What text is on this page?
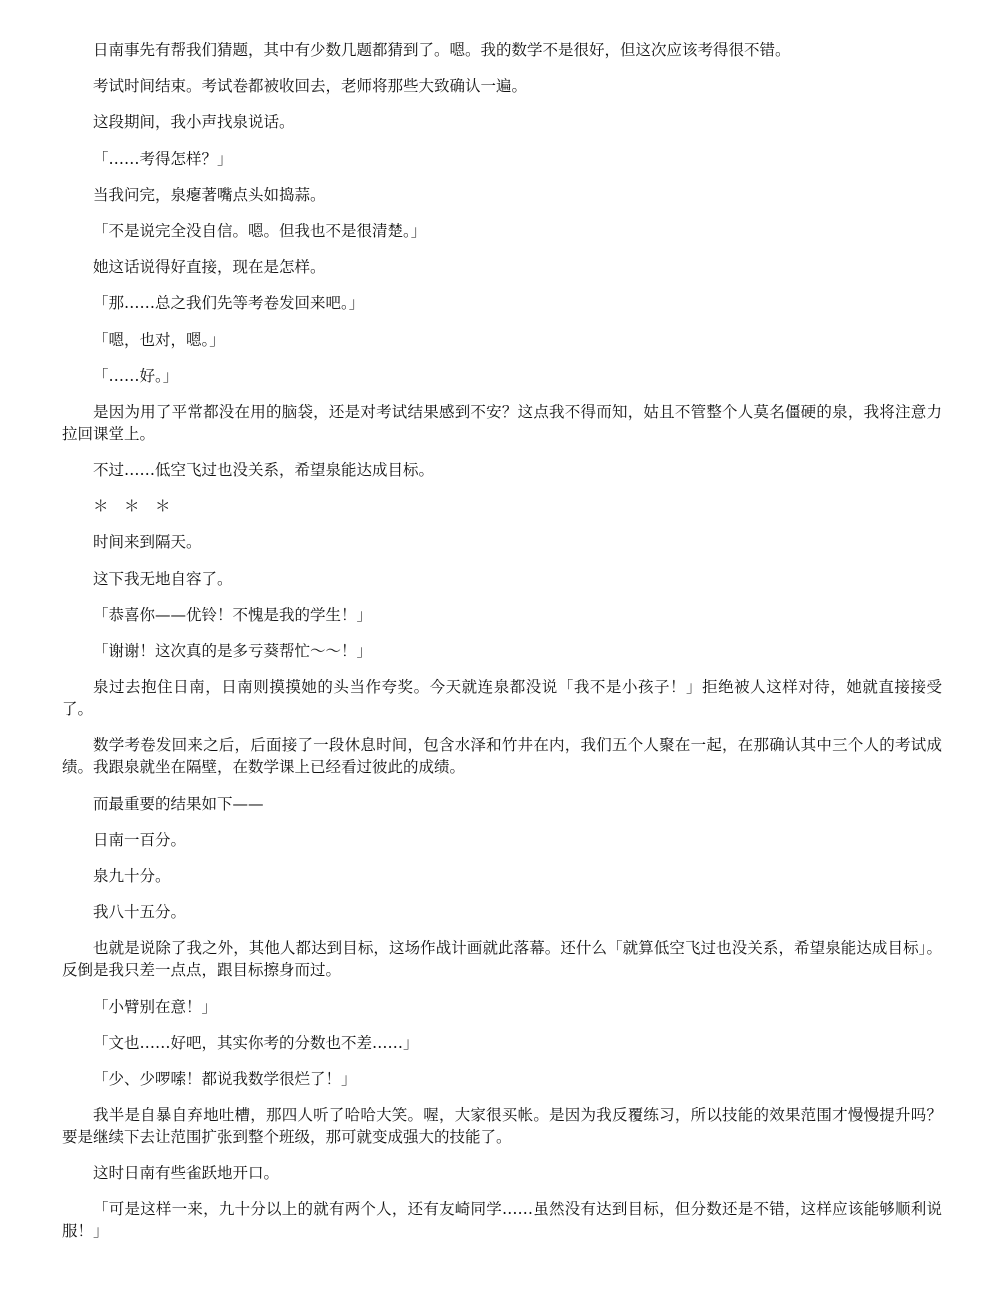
日南事先有帮我们猜题，其中有少数几题都猜到了。嗯。我的数学不是很好，但这次应该考得很不错。

考试时间结束。考试卷都被收回去，老师将那些大致确认一遍。

这段期间，我小声找泉说话。

「……考得怎样？」

当我问完，泉瘪著嘴点头如捣蒜。

「不是说完全没自信。嗯。但我也不是很清楚。」

她这话说得好直接，现在是怎样。

「那……总之我们先等考卷发回来吧。」

「嗯，也对，嗯。」

「……好。」

是因为用了平常都没在用的脑袋，还是对考试结果感到不安？这点我不得而知，姑且不管整个人莫名僵硬的泉，我将注意力拉回课堂上。

不过……低空飞过也没关系，希望泉能达成目标。

＊　＊　＊

时间来到隔天。

这下我无地自容了。

「恭喜你——优铃！不愧是我的学生！」

「谢谢！这次真的是多亏葵帮忙～～！」

泉过去抱住日南，日南则摸摸她的头当作夸奖。今天就连泉都没说「我不是小孩子！」拒绝被人这样对待，她就直接接受了。

数学考卷发回来之后，后面接了一段休息时间，包含水泽和竹井在内，我们五个人聚在一起，在那确认其中三个人的考试成绩。我跟泉就坐在隔壁，在数学课上已经看过彼此的成绩。

而最重要的结果如下——

日南一百分。

泉九十分。

我八十五分。

也就是说除了我之外，其他人都达到目标，这场作战计画就此落幕。还什么「就算低空飞过也没关系，希望泉能达成目标」。反倒是我只差一点点，跟目标擦身而过。

「小臂别在意！」

「文也……好吧，其实你考的分数也不差……」

「少、少啰嗦！都说我数学很烂了！」

我半是自暴自弃地吐槽，那四人听了哈哈大笑。喔，大家很买帐。是因为我反覆练习，所以技能的效果范围才慢慢提升吗？要是继续下去让范围扩张到整个班级，那可就变成强大的技能了。

这时日南有些雀跃地开口。

「可是这样一来，九十分以上的就有两个人，还有友崎同学……虽然没有达到目标，但分数还是不错，这样应该能够顺利说服！」
